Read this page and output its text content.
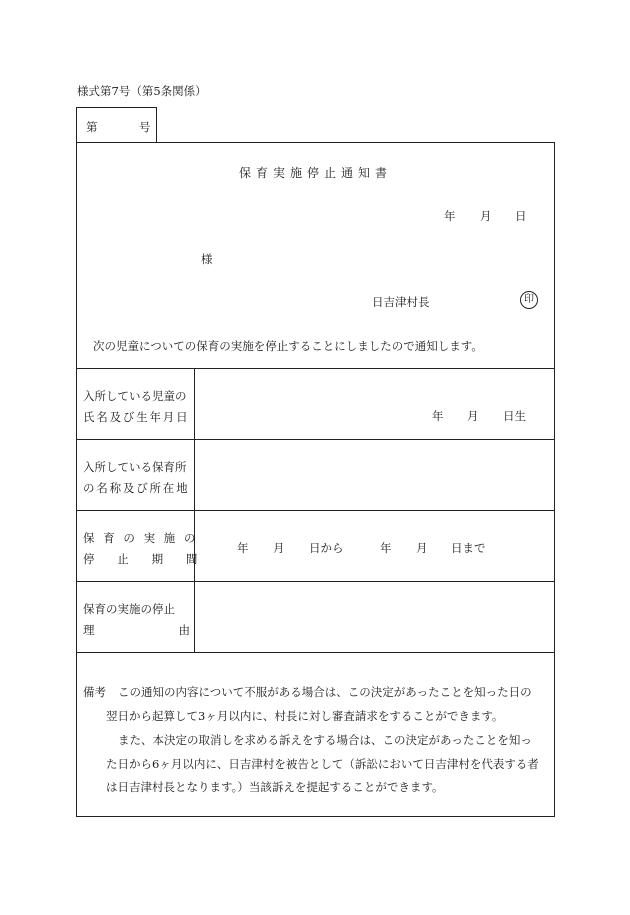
様式第7号（第5条関係）
第	号
保育実施停止通知書
年 月 日
様
日吉津村長	印
次の児童についての保育の実施を停止することにしましたので通知します。
入所している児童の
氏名及び生年月日	年 月 日生
入所している保育所
の名称及び所在地
保育の実施の
停止期間
年 月 日から	年 月 日まで
保育の実施の停止
理由
備考 この通知の内容について不服がある場合は、この決定があったことを知った日の
翌日から起算して3ヶ月以内に、村長に対し審査請求をすることができます。
また、本決定の取消しを求める訴えをする場合は、この決定があったことを知っ
た日から6ヶ月以内に、日吉津村を被告として（訴訟において日吉津村を代表する者
は日吉津村長となります。）当該訴えを提起することができます。
